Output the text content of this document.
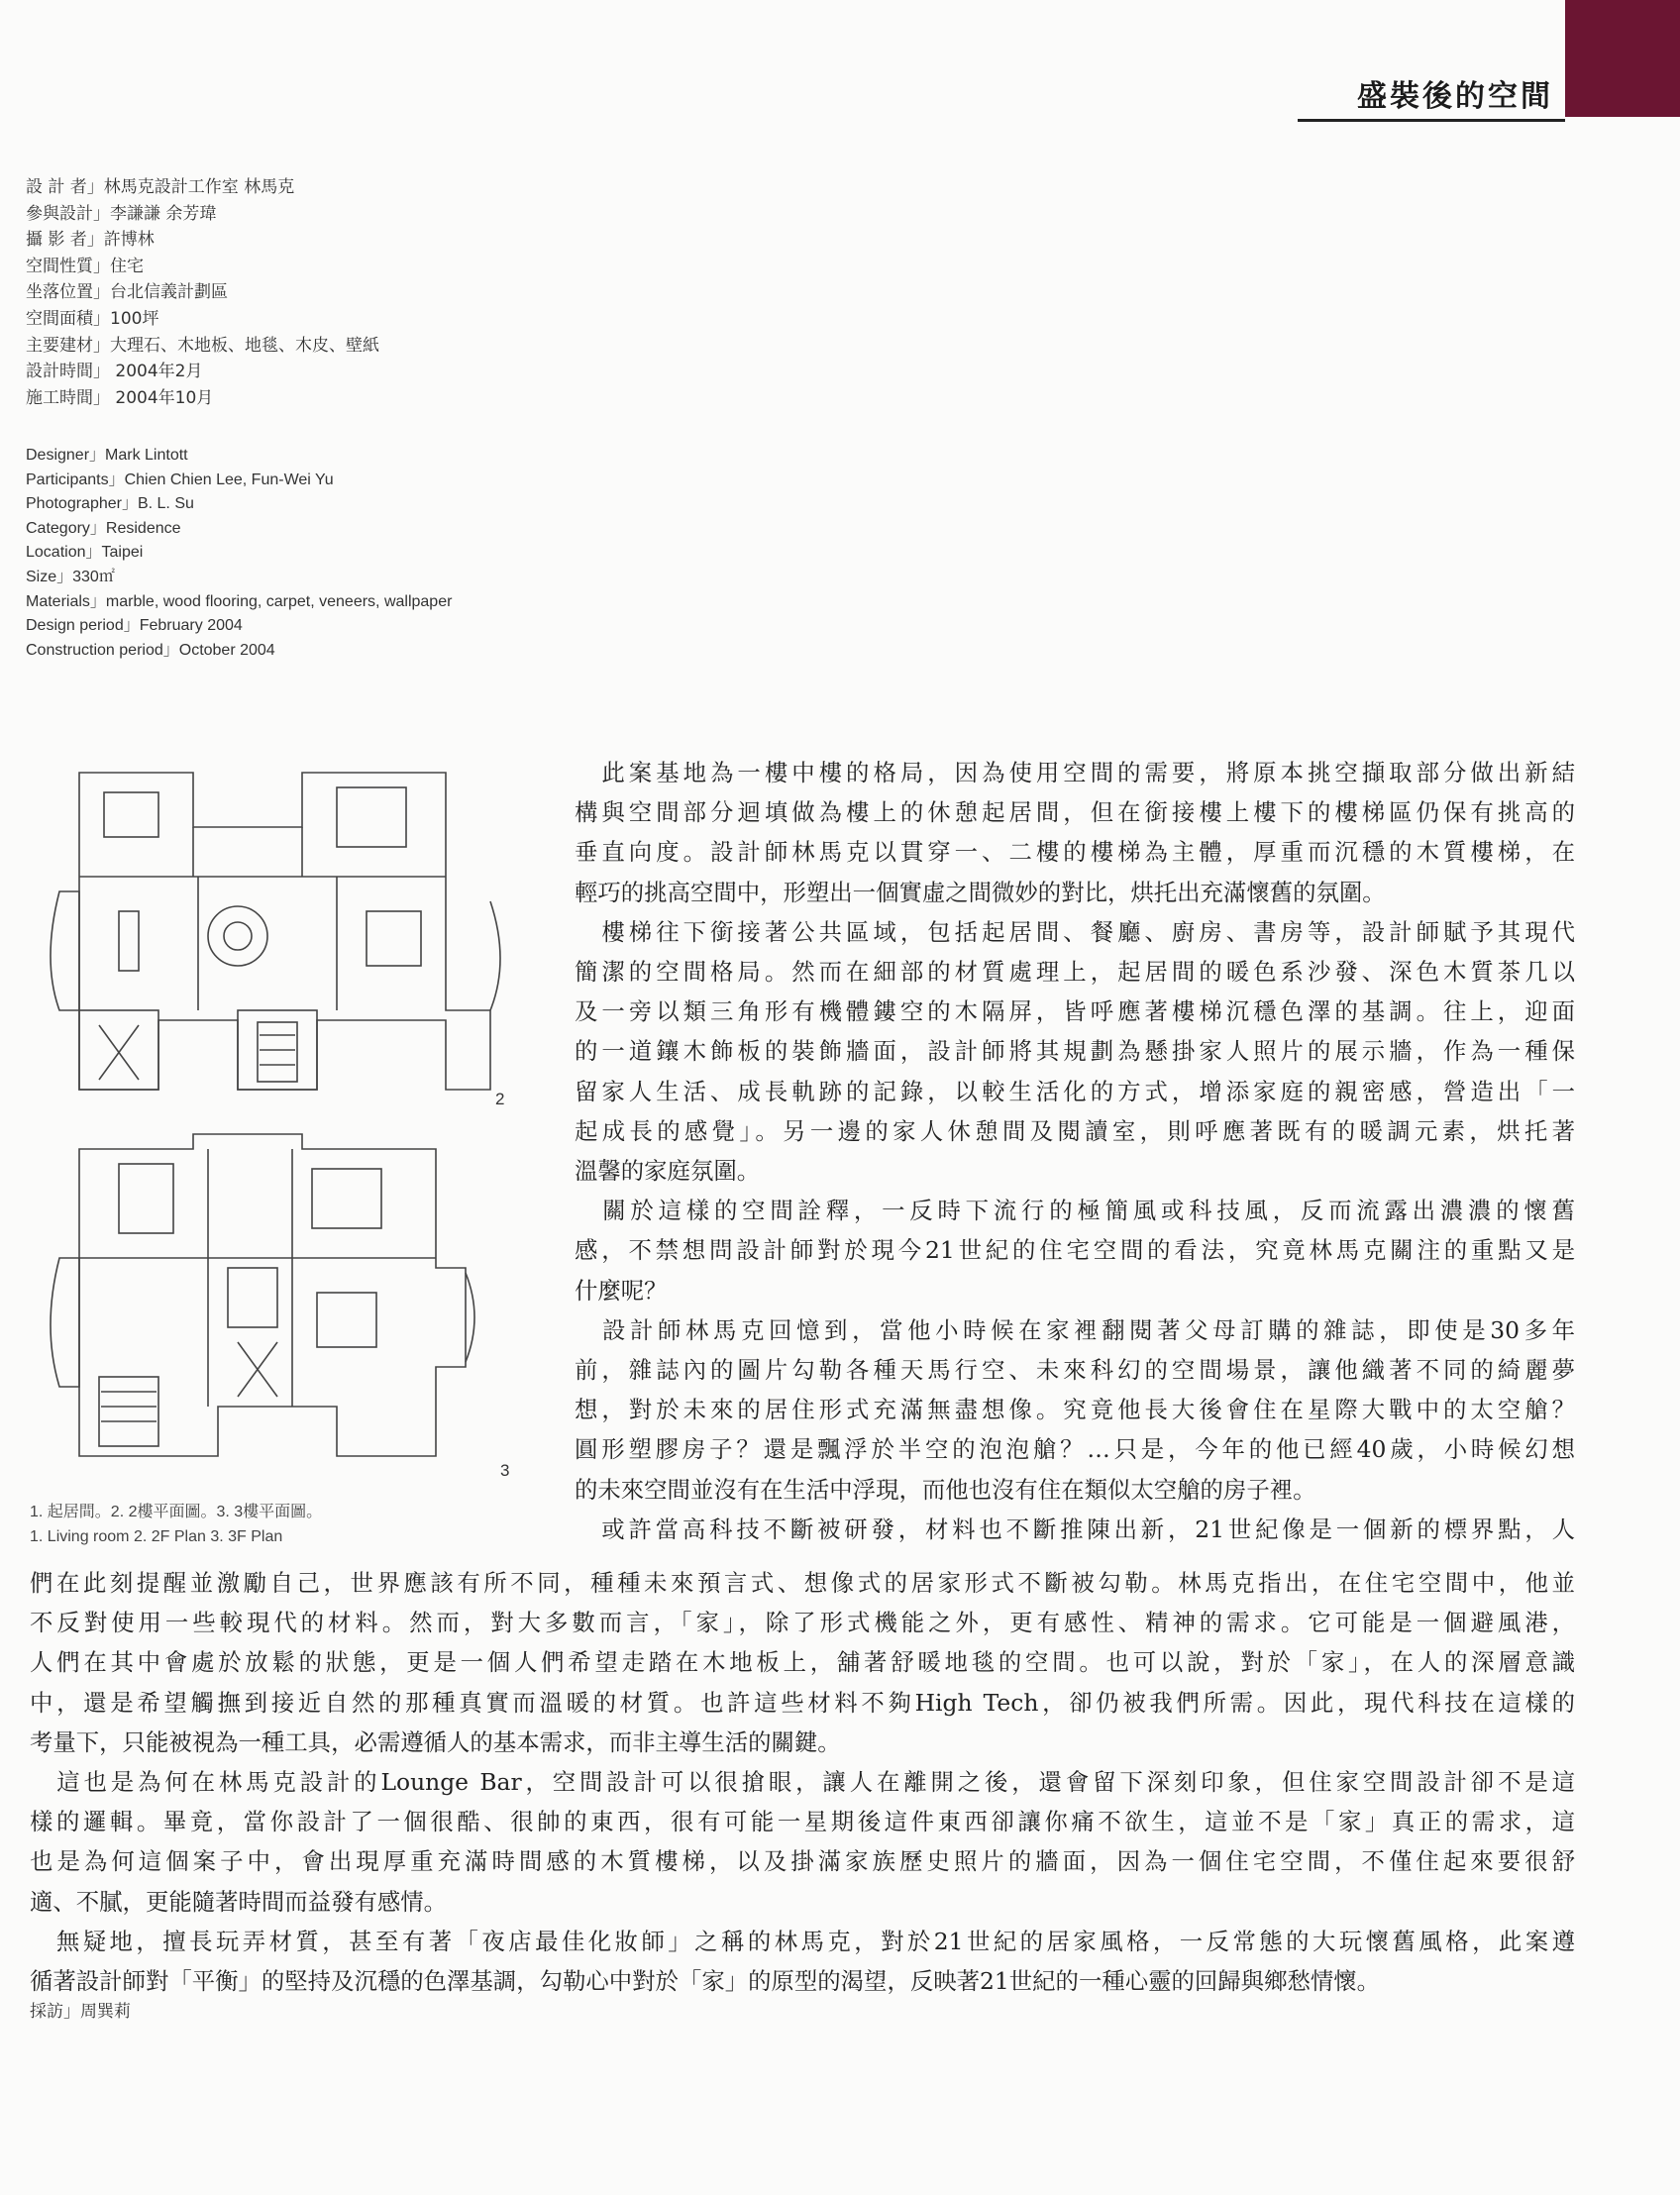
盛裝後的空間
設 計 者」林馬克設計工作室 林馬克
參與設計」李謙謙 余芳瑋
攝 影 者」許博林
空間性質」住宅
坐落位置」台北信義計劃區
空間面積」100坪
主要建材」大理石、木地板、地毯、木皮、壁紙
設計時間」 2004年2月
施工時間」 2004年10月
Designer」Mark Lintott
Participants」Chien Chien Lee, Fun-Wei Yu
Photographer」B. L. Su
Category」Residence
Location」Taipei
Size」330㎡
Materials」marble, wood flooring, carpet, veneers, wallpaper
Design period」February 2004
Construction period」October 2004
2
3
1. 起居間。2. 2樓平面圖。3. 3樓平面圖。
1. Living room 2. 2F Plan 3. 3F Plan
　此案基地為一樓中樓的格局，因為使用空間的需要，將原本挑空擷取部分做出新結
構與空間部分迴填做為樓上的休憩起居間，但在銜接樓上樓下的樓梯區仍保有挑高的
垂直向度。設計師林馬克以貫穿一、二樓的樓梯為主體，厚重而沉穩的木質樓梯，在
輕巧的挑高空間中，形塑出一個實虛之間微妙的對比，烘托出充滿懷舊的氛圍。
　樓梯往下銜接著公共區域，包括起居間、餐廳、廚房、書房等，設計師賦予其現代
簡潔的空間格局。然而在細部的材質處理上，起居間的暖色系沙發、深色木質茶几以
及一旁以類三角形有機體鏤空的木隔屏，皆呼應著樓梯沉穩色澤的基調。往上，迎面
的一道鑲木飾板的裝飾牆面，設計師將其規劃為懸掛家人照片的展示牆，作為一種保
留家人生活、成長軌跡的記錄，以較生活化的方式，增添家庭的親密感，營造出「一
起成長的感覺」。另一邊的家人休憩間及閱讀室，則呼應著既有的暖調元素，烘托著
溫馨的家庭氛圍。
　關於這樣的空間詮釋，一反時下流行的極簡風或科技風，反而流露出濃濃的懷舊
感，不禁想問設計師對於現今21世紀的住宅空間的看法，究竟林馬克關注的重點又是
什麼呢？
　設計師林馬克回憶到，當他小時候在家裡翻閱著父母訂購的雜誌，即使是30多年
前，雜誌內的圖片勾勒各種天馬行空、未來科幻的空間場景，讓他織著不同的綺麗夢
想，對於未來的居住形式充滿無盡想像。究竟他長大後會住在星際大戰中的太空艙？
圓形塑膠房子？還是飄浮於半空的泡泡艙？…只是，今年的他已經40歲，小時候幻想
的未來空間並沒有在生活中浮現，而他也沒有住在類似太空艙的房子裡。
　或許當高科技不斷被研發，材料也不斷推陳出新，21世紀像是一個新的標界點，人
們在此刻提醒並激勵自己，世界應該有所不同，種種未來預言式、想像式的居家形式不斷被勾勒。林馬克指出，在住宅空間中，他並
不反對使用一些較現代的材料。然而，對大多數而言，「家」，除了形式機能之外，更有感性、精神的需求。它可能是一個避風港，
人們在其中會處於放鬆的狀態，更是一個人們希望走踏在木地板上，舖著舒暖地毯的空間。也可以說，對於「家」，在人的深層意識
中，還是希望觸撫到接近自然的那種真實而溫暖的材質。也許這些材料不夠High Tech，卻仍被我們所需。因此，現代科技在這樣的
考量下，只能被視為一種工具，必需遵循人的基本需求，而非主導生活的關鍵。
　這也是為何在林馬克設計的Lounge Bar，空間設計可以很搶眼，讓人在離開之後，還會留下深刻印象，但住家空間設計卻不是這
樣的邏輯。畢竟，當你設計了一個很酷、很帥的東西，很有可能一星期後這件東西卻讓你痛不欲生，這並不是「家」真正的需求，這
也是為何這個案子中，會出現厚重充滿時間感的木質樓梯，以及掛滿家族歷史照片的牆面，因為一個住宅空間，不僅住起來要很舒
適、不膩，更能隨著時間而益發有感情。
　無疑地，擅長玩弄材質，甚至有著「夜店最佳化妝師」之稱的林馬克，對於21世紀的居家風格，一反常態的大玩懷舊風格，此案遵
循著設計師對「平衡」的堅持及沉穩的色澤基調，勾勒心中對於「家」的原型的渴望，反映著21世紀的一種心靈的回歸與鄉愁情懷。
採訪」周巽莉
